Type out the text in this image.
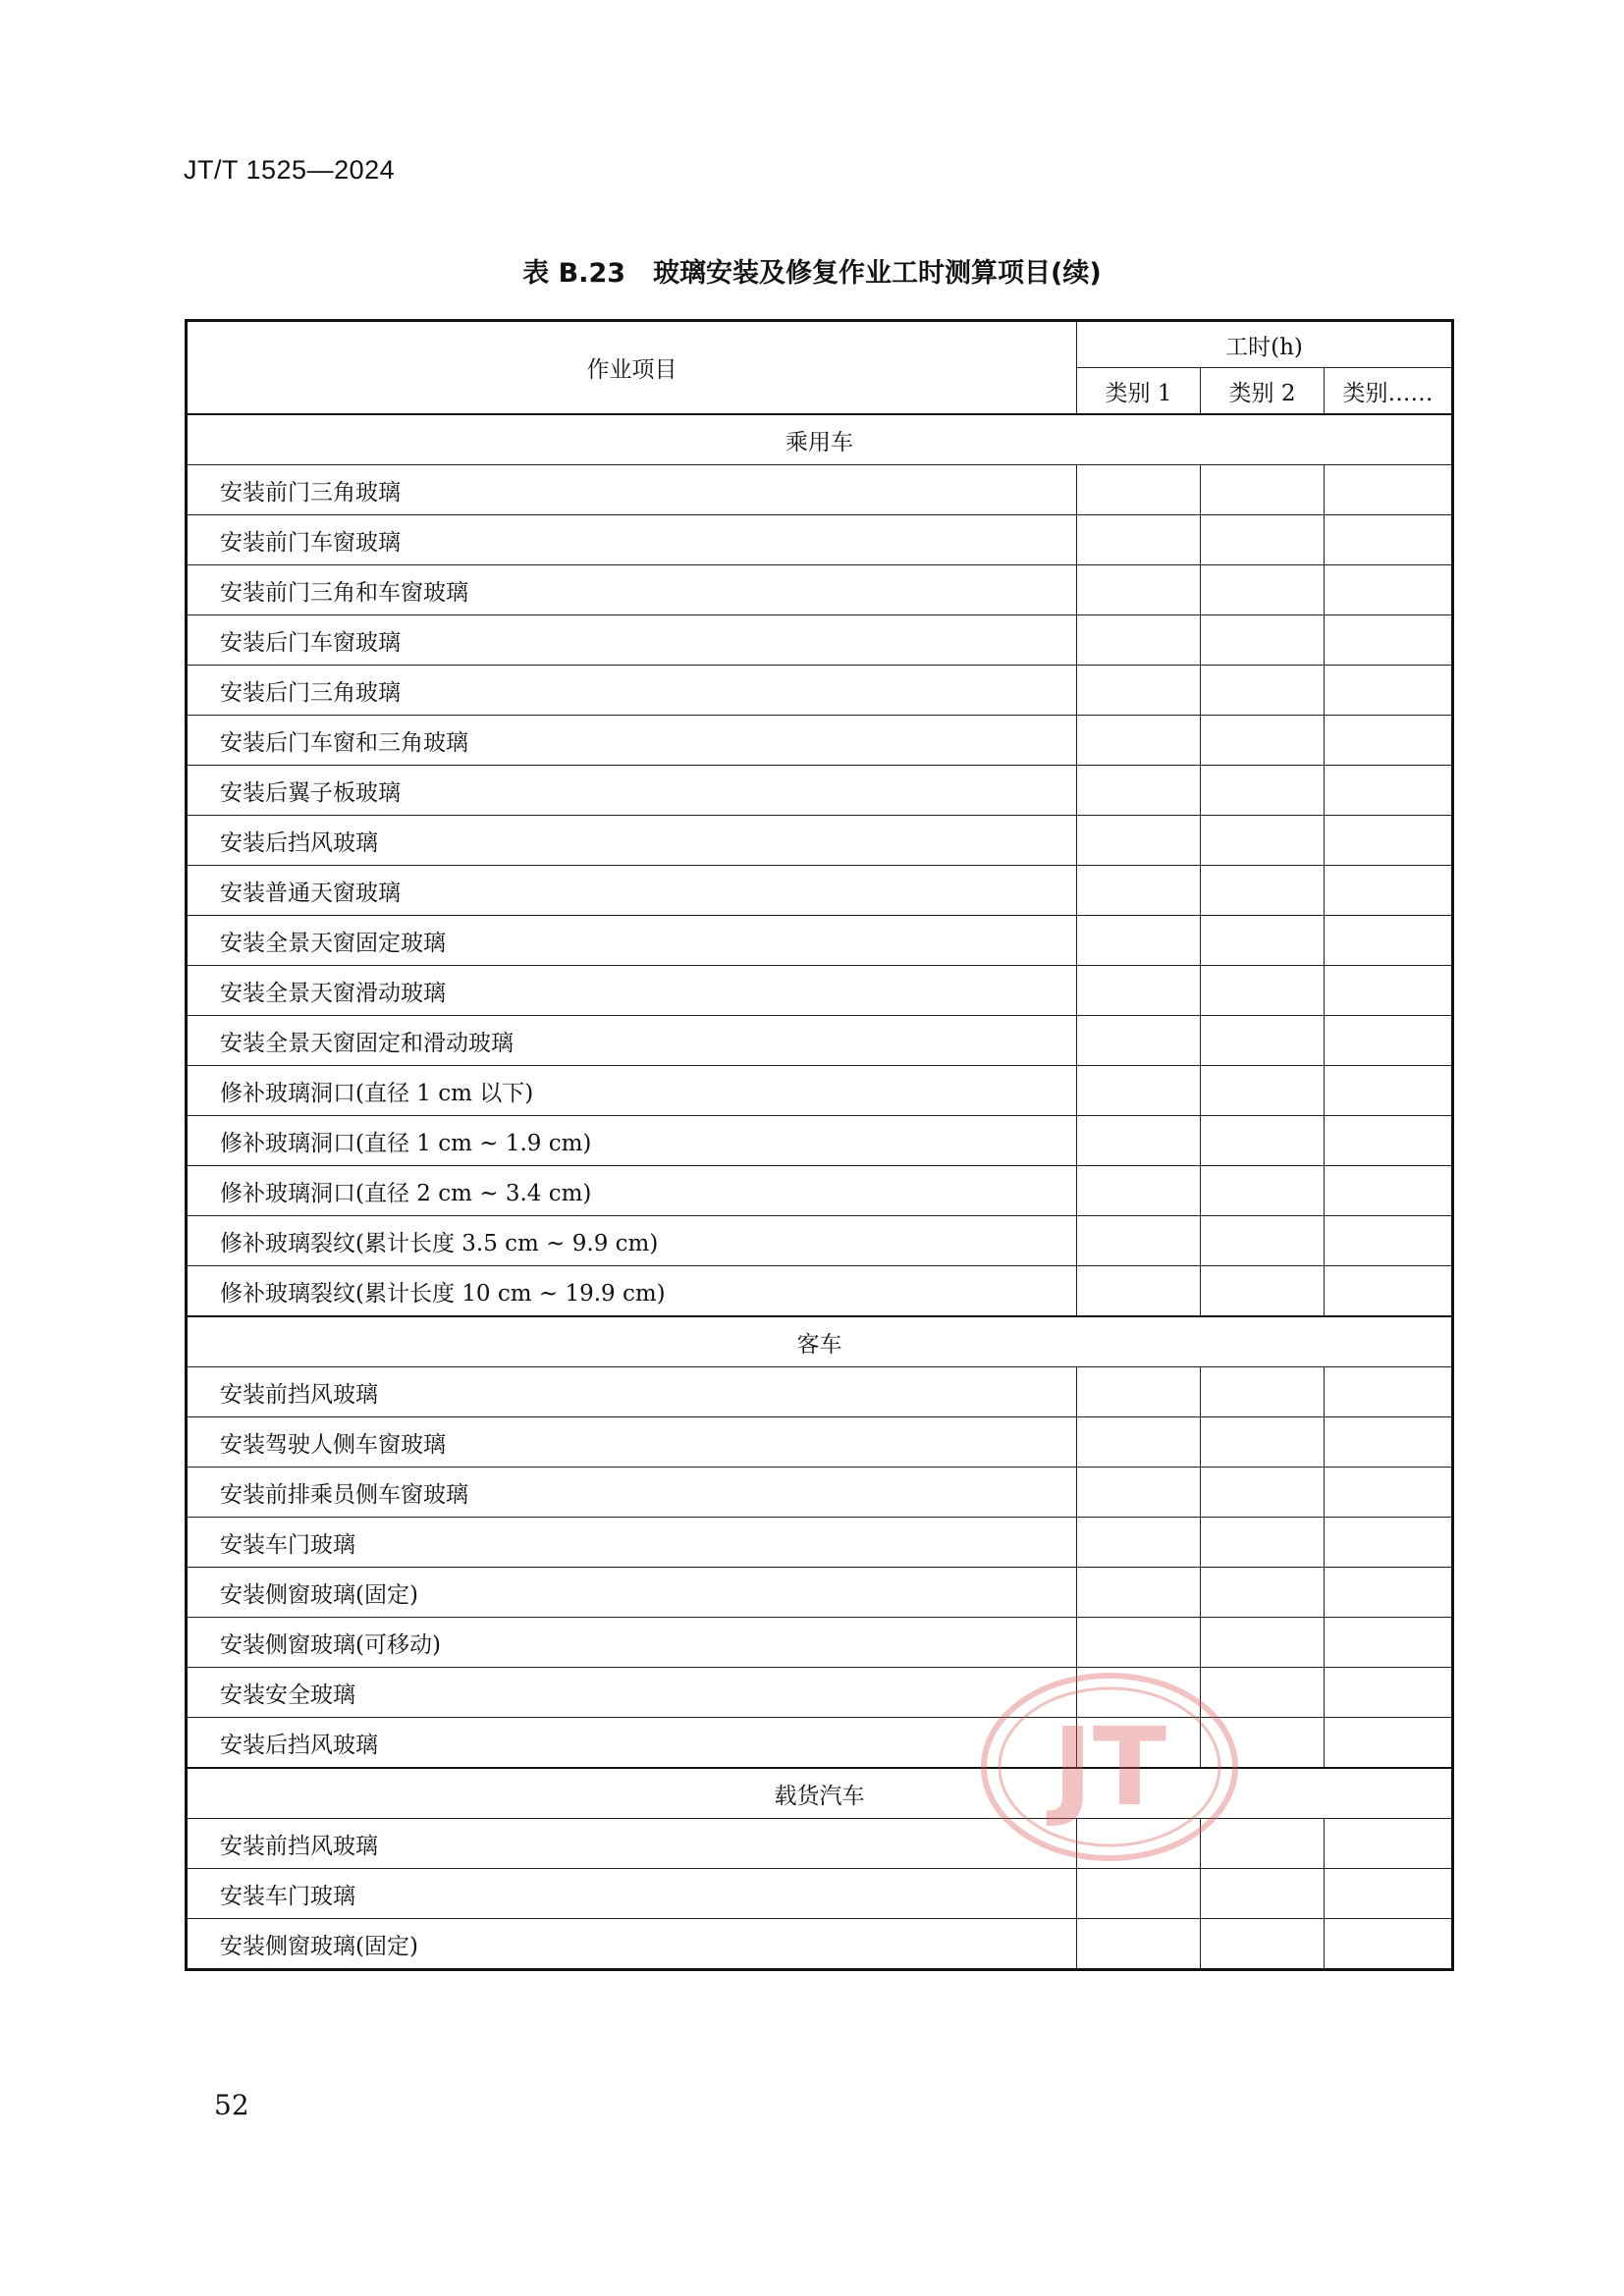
JT/T 1525—2024
表 B.23 玻璃安装及修复作业工时测算项目(续)
作业项目	工时(h)		
	类别 1	类别 2	类别……
乘用车			
安装前门三角玻璃			
安装前门车窗玻璃			
安装前门三角和车窗玻璃			
安装后门车窗玻璃			
安装后门三角玻璃			
安装后门车窗和三角玻璃			
安装后翼子板玻璃			
安装后挡风玻璃			
安装普通天窗玻璃			
安装全景天窗固定玻璃			
安装全景天窗滑动玻璃			
安装全景天窗固定和滑动玻璃			
修补玻璃洞口(直径 1 cm 以下)			
修补玻璃洞口(直径 1 cm ~ 1.9 cm)			
修补玻璃洞口(直径 2 cm ~ 3.4 cm)			
修补玻璃裂纹(累计长度 3.5 cm ~ 9.9 cm)			
修补玻璃裂纹(累计长度 10 cm ~ 19.9 cm)			
客车			
安装前挡风玻璃			
安装驾驶人侧车窗玻璃			
安装前排乘员侧车窗玻璃			
安装车门玻璃			
安装侧窗玻璃(固定)			
安装侧窗玻璃(可移动)			
安装安全玻璃			
安装后挡风玻璃			
载货汽车			
安装前挡风玻璃			
安装车门玻璃			
安装侧窗玻璃(固定)			
JT
52
